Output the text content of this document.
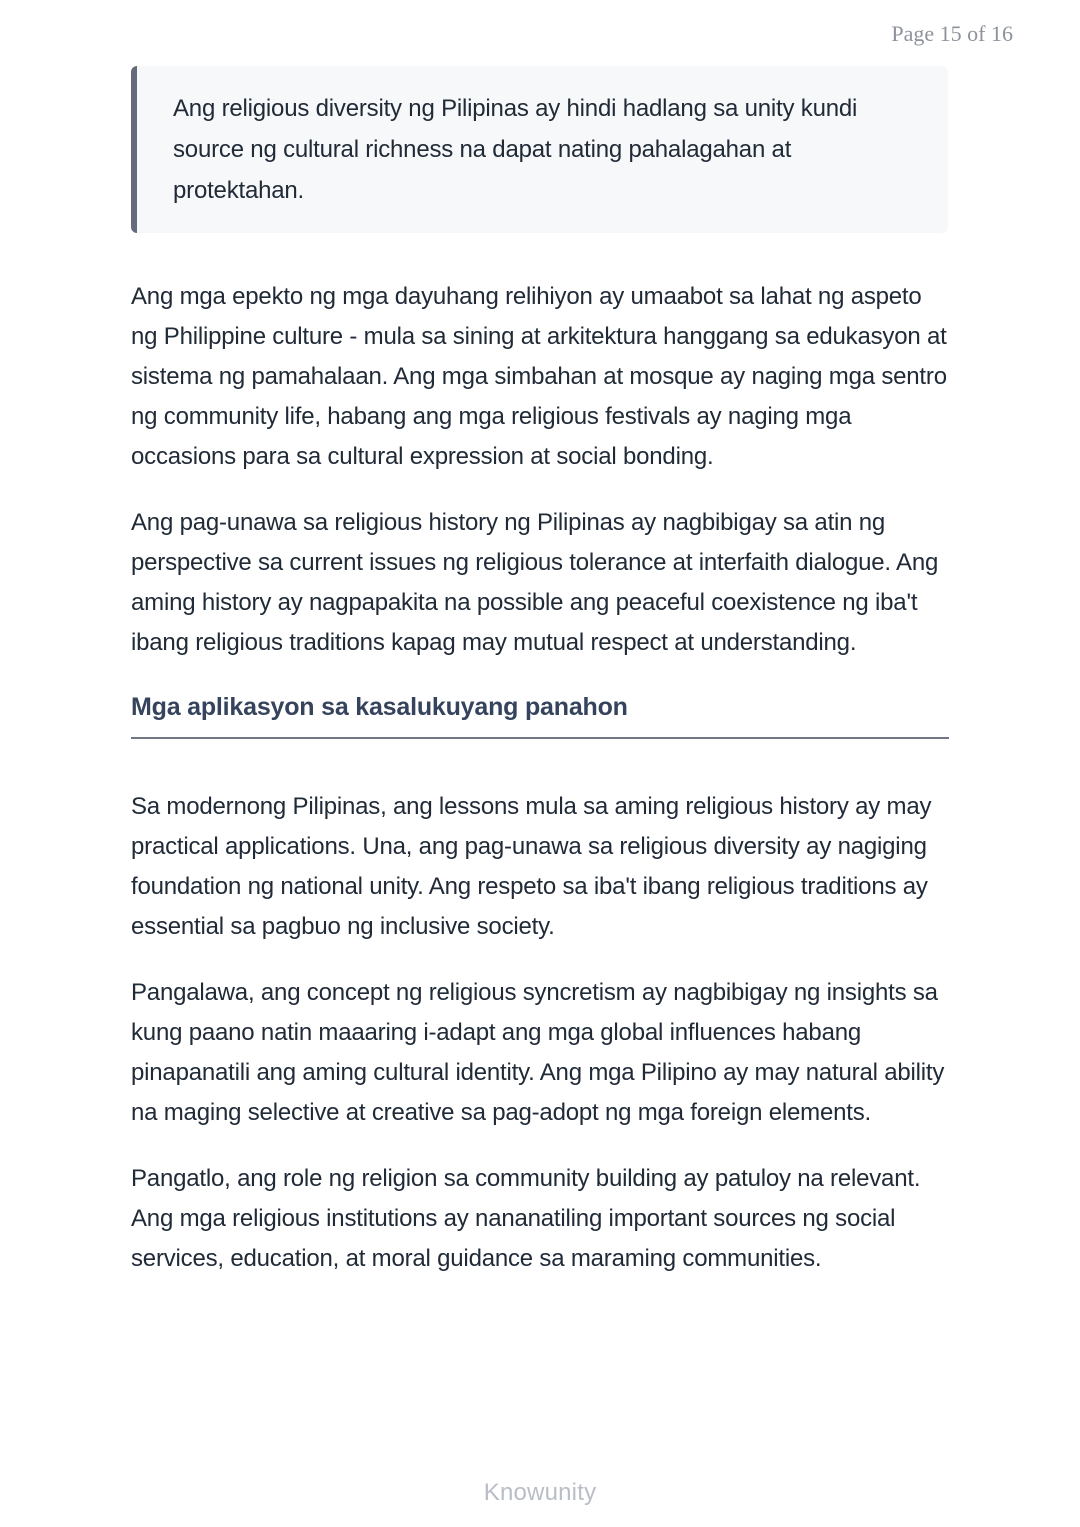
Page 15 of 16
Ang religious diversity ng Pilipinas ay hindi hadlang sa unity kundi source ng cultural richness na dapat nating pahalagahan at protektahan.

Ang mga epekto ng mga dayuhang relihiyon ay umaabot sa lahat ng aspeto ng Philippine culture - mula sa sining at arkitektura hanggang sa edukasyon at sistema ng pamahalaan. Ang mga simbahan at mosque ay naging mga sentro ng community life, habang ang mga religious festivals ay naging mga occasions para sa cultural expression at social bonding.

Ang pag-unawa sa religious history ng Pilipinas ay nagbibigay sa atin ng perspective sa current issues ng religious tolerance at interfaith dialogue. Ang aming history ay nagpapakita na possible ang peaceful coexistence ng iba't ibang religious traditions kapag may mutual respect at understanding.

Mga aplikasyon sa kasalukuyang panahon

Sa modernong Pilipinas, ang lessons mula sa aming religious history ay may practical applications. Una, ang pag-unawa sa religious diversity ay nagiging foundation ng national unity. Ang respeto sa iba't ibang religious traditions ay essential sa pagbuo ng inclusive society.

Pangalawa, ang concept ng religious syncretism ay nagbibigay ng insights sa kung paano natin maaaring i-adapt ang mga global influences habang pinapanatili ang aming cultural identity. Ang mga Pilipino ay may natural ability na maging selective at creative sa pag-adopt ng mga foreign elements.

Pangatlo, ang role ng religion sa community building ay patuloy na relevant. Ang mga religious institutions ay nananatiling important sources ng social services, education, at moral guidance sa maraming communities.

Knowunity
